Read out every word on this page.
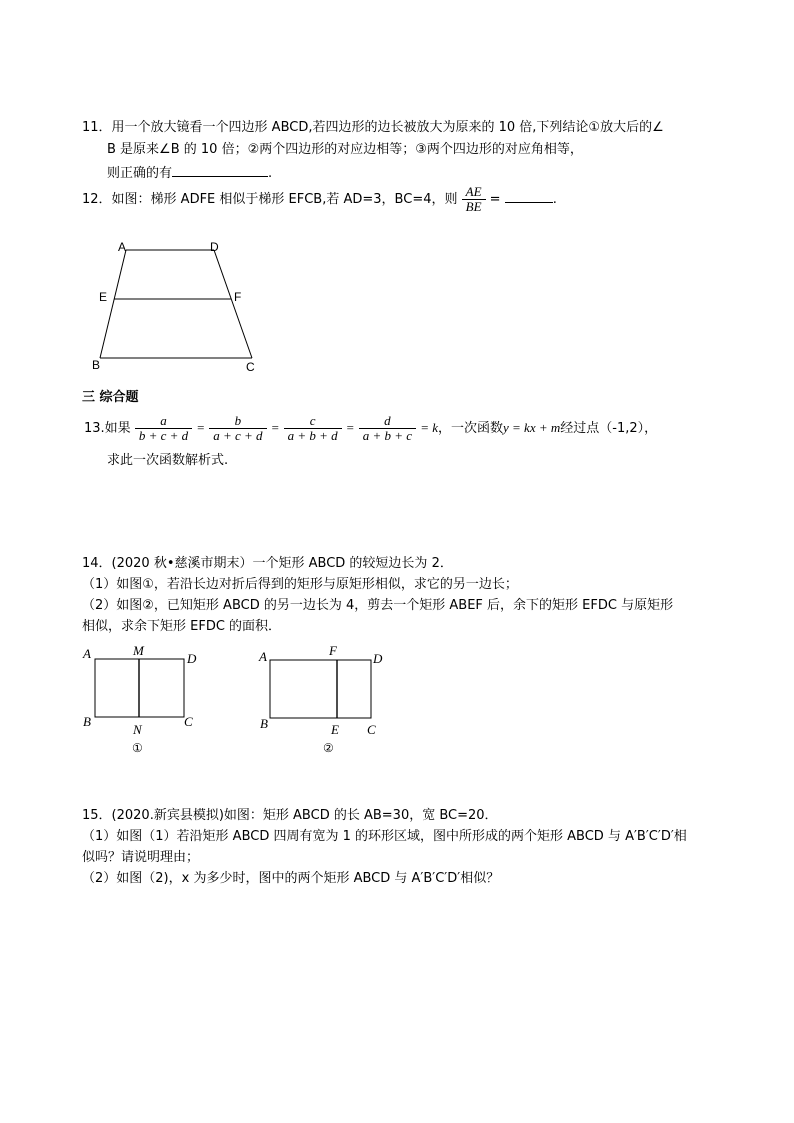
11．用一个放大镜看一个四边形 ABCD,若四边形的边长被放大为原来的 10 倍,下列结论①放大后的∠
B 是原来∠B 的 10 倍；②两个四边形的对应边相等；③两个四边形的对应角相等，
则正确的有	.
12．如图：梯形 ADFE 相似于梯形 EFCB,若 AD=3，BC=4，则 $\frac{AE}{BE}$ =	.
A	D
E	F
B	C
三 综合题
13.如果 $\frac{a}{b + c + d} = \frac{b}{a + c + d} = \frac{c}{a + b + d} = \frac{d}{a + b + c} = k$，一次函数y = kx + m经过点（-1,2），
求此一次函数解析式.
14．(2020 秋•慈溪市期末）一个矩形 ABCD 的较短边长为 2．
（1）如图①，若沿长边对折后得到的矩形与原矩形相似，求它的另一边长；
（2）如图②，已知矩形 ABCD 的另一边长为 4，剪去一个矩形 ABEF 后，余下的矩形 EFDC 与原矩形
相似，求余下矩形 EFDC 的面积．
A	M
D
B
N
C
①
A	F
D
B	E C
②
15．(2020.新宾县模拟)如图：矩形 ABCD 的长 AB=30，宽 BC=20．
（1）如图（1）若沿矩形 ABCD 四周有宽为 1 的环形区域，图中所形成的两个矩形 ABCD 与 A′B′C′D′相
似吗？请说明理由；
（2）如图（2)，x 为多少时，图中的两个矩形 ABCD 与 A′B′C′D′相似？
